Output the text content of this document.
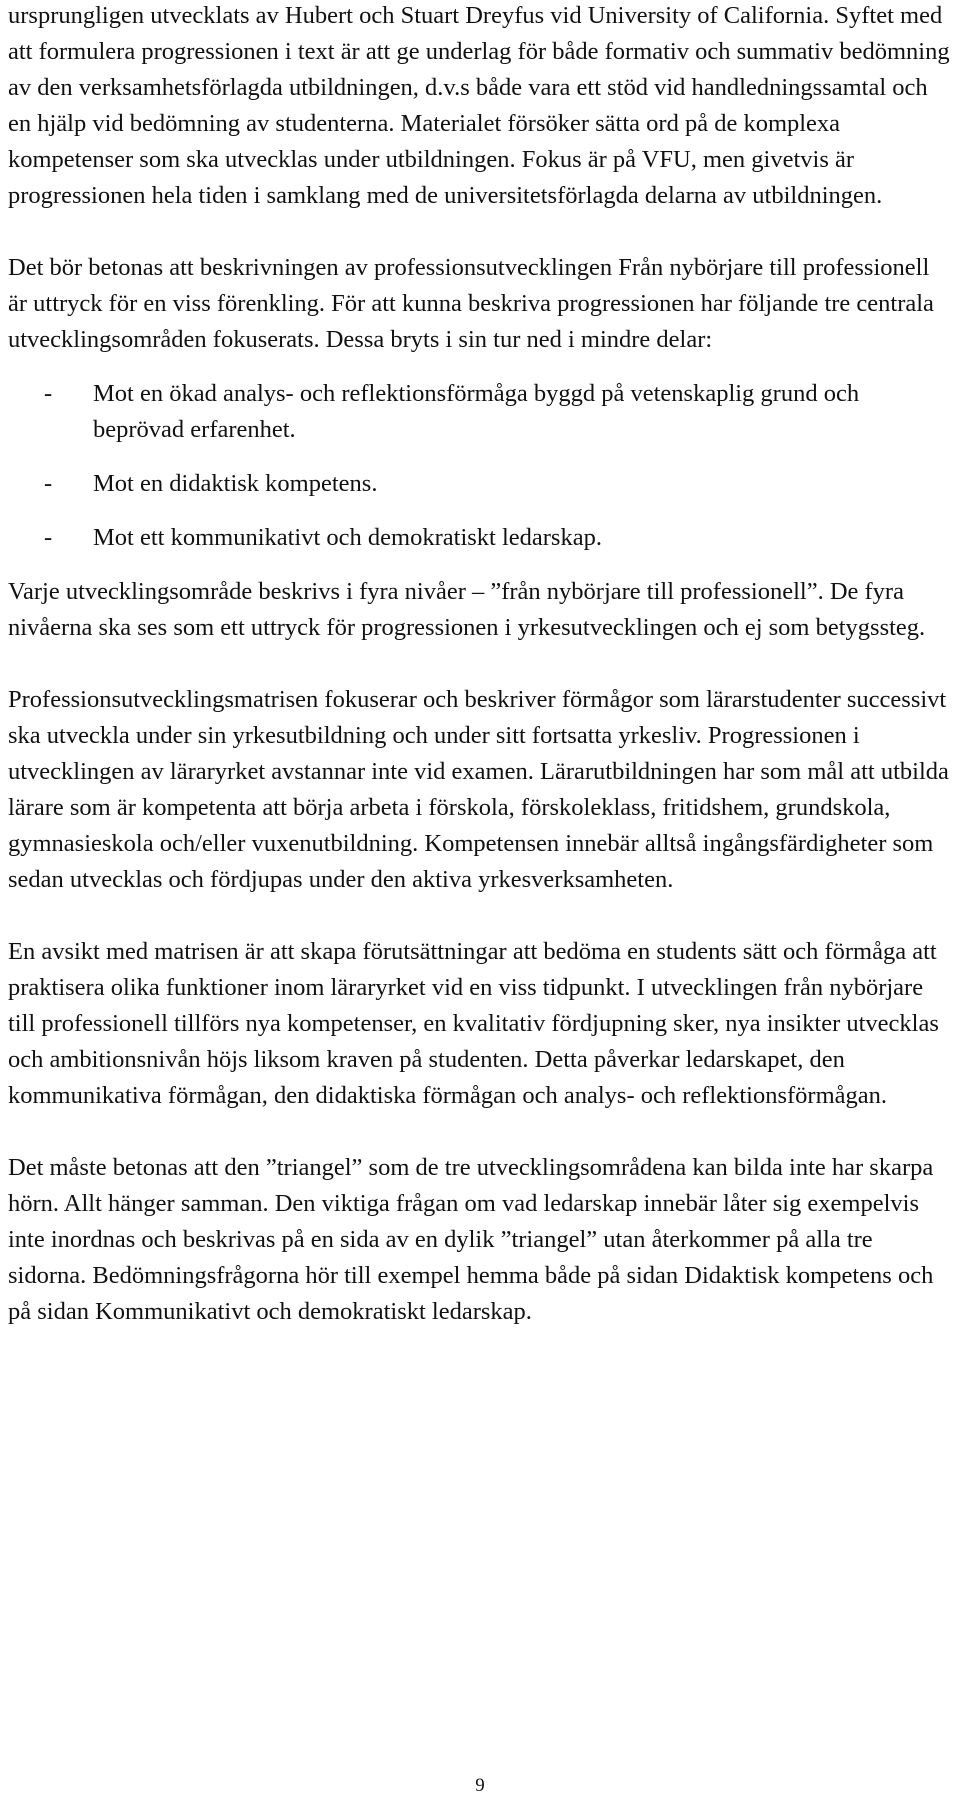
ursprungligen utvecklats av Hubert och Stuart Dreyfus vid University of California. Syftet med att formulera progressionen i text är att ge underlag för både formativ och summativ bedömning av den verksamhetsförlagda utbildningen, d.v.s både vara ett stöd vid handledningssamtal och en hjälp vid bedömning av studenterna. Materialet försöker sätta ord på de komplexa kompetenser som ska utvecklas under utbildningen. Fokus är på VFU, men givetvis är progressionen hela tiden i samklang med de universitetsförlagda delarna av utbildningen.

Det bör betonas att beskrivningen av professionsutvecklingen Från nybörjare till professionell är uttryck för en viss förenkling. För att kunna beskriva progressionen har följande tre centrala utvecklingsområden fokuserats. Dessa bryts i sin tur ned i mindre delar:

- Mot en ökad analys- och reflektionsförmåga byggd på vetenskaplig grund och beprövad erfarenhet.
- Mot en didaktisk kompetens.
- Mot ett kommunikativt och demokratiskt ledarskap.

Varje utvecklingsområde beskrivs i fyra nivåer – ”från nybörjare till professionell”. De fyra nivåerna ska ses som ett uttryck för progressionen i yrkesutvecklingen och ej som betygssteg.

Professionsutvecklingsmatrisen fokuserar och beskriver förmågor som lärarstudenter successivt ska utveckla under sin yrkesutbildning och under sitt fortsatta yrkesliv. Progressionen i utvecklingen av läraryrket avstannar inte vid examen. Lärarutbildningen har som mål att utbilda lärare som är kompetenta att börja arbeta i förskola, förskoleklass, fritidshem, grundskola, gymnasieskola och/eller vuxenutbildning. Kompetensen innebär alltså ingångsfärdigheter som sedan utvecklas och fördjupas under den aktiva yrkesverksamheten.

En avsikt med matrisen är att skapa förutsättningar att bedöma en students sätt och förmåga att praktisera olika funktioner inom läraryrket vid en viss tidpunkt. I utvecklingen från nybörjare till professionell tillförs nya kompetenser, en kvalitativ fördjupning sker, nya insikter utvecklas och ambitionsnivån höjs liksom kraven på studenten. Detta påverkar ledarskapet, den kommunikativa förmågan, den didaktiska förmågan och analys- och reflektionsförmågan.

Det måste betonas att den ”triangel” som de tre utvecklingsområdena kan bilda inte har skarpa hörn. Allt hänger samman. Den viktiga frågan om vad ledarskap innebär låter sig exempelvis inte inordnas och beskrivas på en sida av en dylik ”triangel” utan återkommer på alla tre sidorna. Bedömningsfrågorna hör till exempel hemma både på sidan Didaktisk kompetens och på sidan Kommunikativt och demokratiskt ledarskap.

9
